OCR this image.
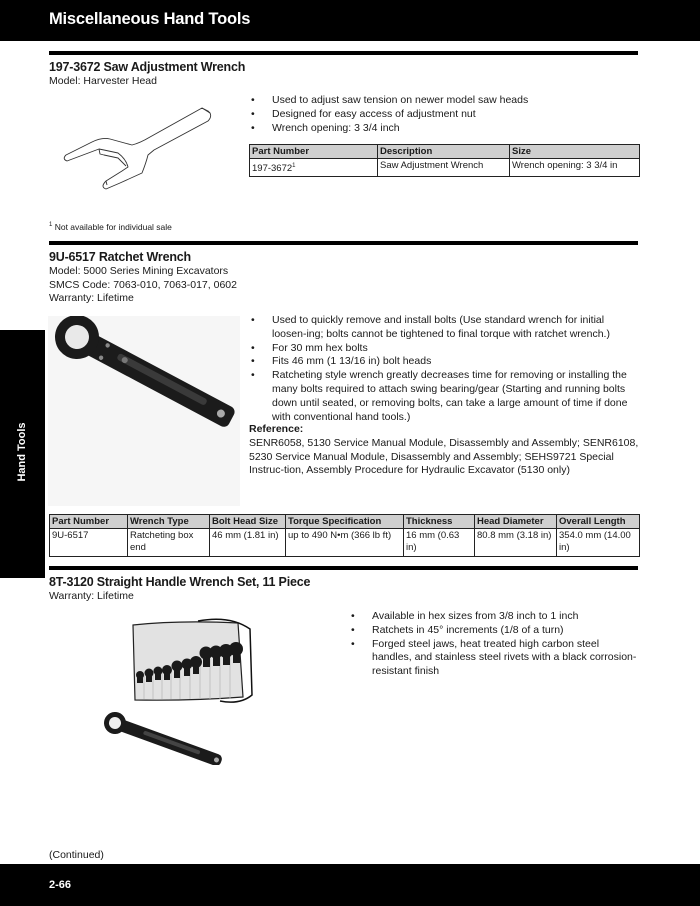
Miscellaneous Hand Tools
Hand Tools
197-3672 Saw Adjustment Wrench
Model: Harvester Head
• Used to adjust saw tension on newer model saw heads
• Designed for easy access of adjustment nut
• Wrench opening: 3 3/4 inch
Part Number	Description	Size
197-3672$^1$	Saw Adjustment Wrench	Wrench opening: 3 3/4 in
$^1$ Not available for individual sale
9U-6517 Ratchet Wrench
Model: 5000 Series Mining Excavators
SMCS Code: 7063-010, 7063-017, 0602
Warranty: Lifetime
• Used to quickly remove and install bolts (Use standard wrench for initial loosen-ing; bolts cannot be tightened to final torque with ratchet wrench.)
• For 30 mm hex bolts
• Fits 46 mm (1 13/16 in) bolt heads
• Ratcheting style wrench greatly decreases time for removing or installing the many bolts required to attach swing bearing/gear (Starting and running bolts down until seated, or removing bolts, can take a large amount of time if done with conventional hand tools.)
Reference:
SENR6058, 5130 Service Manual Module, Disassembly and Assembly; SENR6108, 5230 Service Manual Module, Disassembly and Assembly; SEHS9721 Special Instruc-tion, Assembly Procedure for Hydraulic Excavator (5130 only)
Part Number	Wrench Type	Bolt Head Size	Torque Specification	Thickness	Head Diameter	Overall Length
9U-6517	Ratcheting box end	46 mm (1.81 in)	up to 490 N•m (366 lb ft)	16 mm (0.63 in)	80.8 mm (3.18 in)	354.0 mm (14.00 in)
8T-3120 Straight Handle Wrench Set, 11 Piece
Warranty: Lifetime
• Available in hex sizes from 3/8 inch to 1 inch
• Ratchets in 45° increments (1/8 of a turn)
• Forged steel jaws, heat treated high carbon steel handles, and stainless steel rivets with a black corrosion-resistant finish
(Continued)
2-66
